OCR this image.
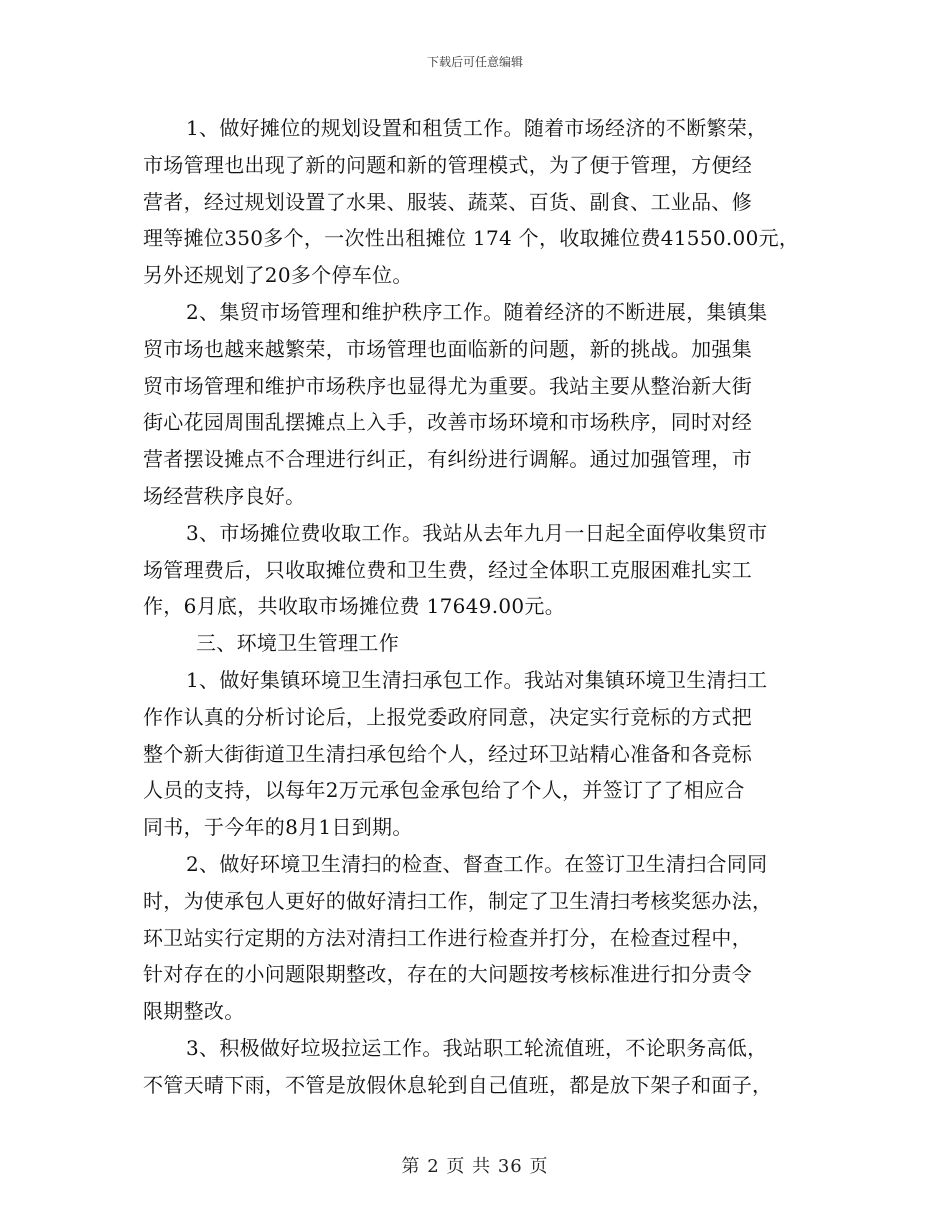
下载后可任意编辑
1、做好摊位的规划设置和租赁工作。随着市场经济的不断繁荣，
市场管理也出现了新的问题和新的管理模式，为了便于管理，方便经
营者，经过规划设置了水果、服装、蔬菜、百货、副食、工业品、修
理等摊位350多个，一次性出租摊位 174 个，收取摊位费41550.00元，
另外还规划了20多个停车位。
2、集贸市场管理和维护秩序工作。随着经济的不断进展，集镇集
贸市场也越来越繁荣，市场管理也面临新的问题，新的挑战。加强集
贸市场管理和维护市场秩序也显得尤为重要。我站主要从整治新大街
街心花园周围乱摆摊点上入手，改善市场环境和市场秩序，同时对经
营者摆设摊点不合理进行纠正，有纠纷进行调解。通过加强管理，市
场经营秩序良好。
3、市场摊位费收取工作。我站从去年九月一日起全面停收集贸市
场管理费后，只收取摊位费和卫生费，经过全体职工克服困难扎实工
作，6月底，共收取市场摊位费 17649.00元。
三、环境卫生管理工作
1、做好集镇环境卫生清扫承包工作。我站对集镇环境卫生清扫工
作作认真的分析讨论后，上报党委政府同意，决定实行竞标的方式把
整个新大街街道卫生清扫承包给个人，经过环卫站精心准备和各竞标
人员的支持，以每年2万元承包金承包给了个人，并签订了了相应合
同书，于今年的8月1日到期。
2、做好环境卫生清扫的检查、督查工作。在签订卫生清扫合同同
时，为使承包人更好的做好清扫工作，制定了卫生清扫考核奖惩办法，
环卫站实行定期的方法对清扫工作进行检查并打分，在检查过程中，
针对存在的小问题限期整改，存在的大问题按考核标准进行扣分责令
限期整改。
3、积极做好垃圾拉运工作。我站职工轮流值班，不论职务高低，
不管天晴下雨，不管是放假休息轮到自己值班，都是放下架子和面子，
第 2 页 共 36 页
